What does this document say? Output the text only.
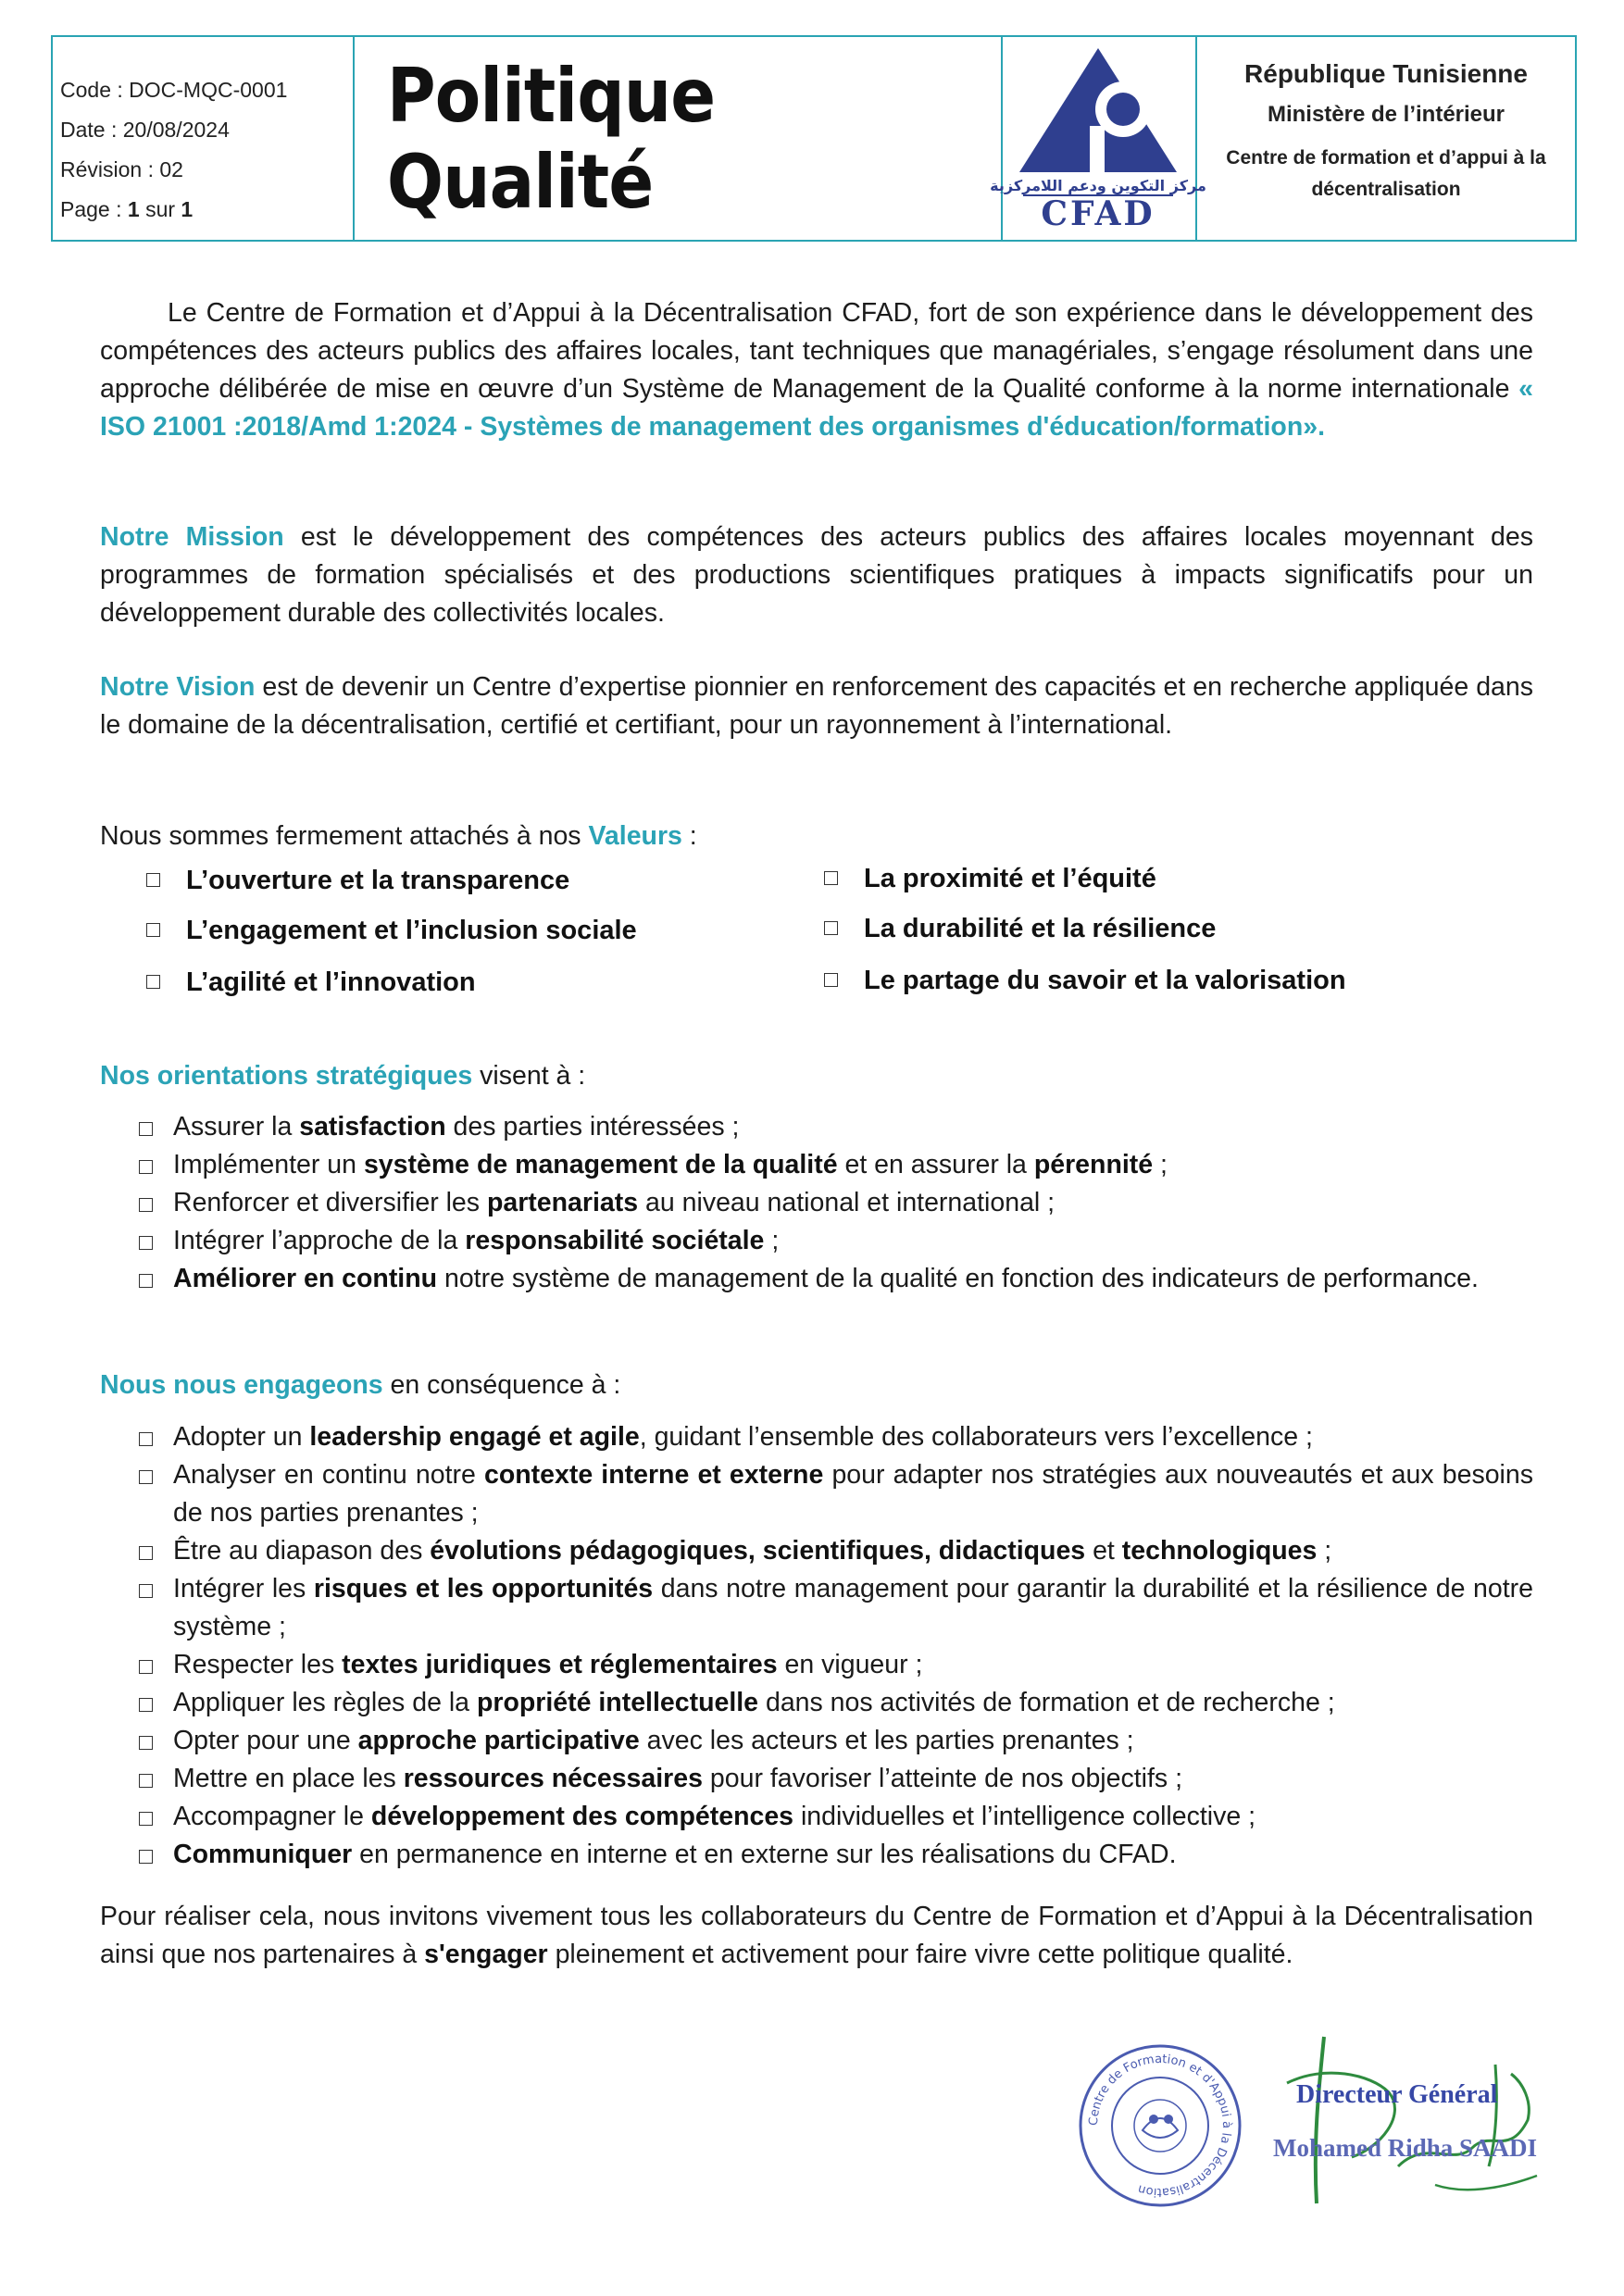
Code : DOC-MQC-0001
Date : 20/08/2024
Révision : 02
Page : 1 sur 1
Politique Qualité	مركز التكوين ودعم اللامركزية
CFAD
République Tunisienne
Ministère de l’intérieur
Centre de formation et d’appui à la décentralisation
Le Centre de Formation et d’Appui à la Décentralisation CFAD, fort de son expérience dans le développement des compétences des acteurs publics des affaires locales, tant techniques que managériales, s’engage résolument dans une approche délibérée de mise en œuvre d’un Système de Management de la Qualité conforme à la norme internationale « ISO 21001 :2018/Amd 1:2024 - Systèmes de management des organismes d'éducation/formation».
Notre Mission est le développement des compétences des acteurs publics des affaires locales moyennant des programmes de formation spécialisés et des productions scientifiques pratiques à impacts significatifs pour un développement durable des collectivités locales.
Notre Vision est de devenir un Centre d’expertise pionnier en renforcement des capacités et en recherche appliquée dans le domaine de la décentralisation, certifié et certifiant, pour un rayonnement à l’international.
Nous sommes fermement attachés à nos Valeurs :
L’ouverture et la transparence	La proximité et l’équité
L’engagement et l’inclusion sociale	La durabilité et la résilience
L’agilité et l’innovation	Le partage du savoir et la valorisation
Nos orientations stratégiques visent à :
Assurer la satisfaction des parties intéressées ;
Implémenter un système de management de la qualité et en assurer la pérennité ;
Renforcer et diversifier les partenariats au niveau national et international ;
Intégrer l’approche de la responsabilité sociétale ;
Améliorer en continu notre système de management de la qualité en fonction des indicateurs de performance.
Nous nous engageons en conséquence à :
Adopter un leadership engagé et agile, guidant l’ensemble des collaborateurs vers l’excellence ;
Analyser en continu notre contexte interne et externe pour adapter nos stratégies aux nouveautés et aux besoins de nos parties prenantes ;
Être au diapason des évolutions pédagogiques, scientifiques, didactiques et technologiques ;
Intégrer les risques et les opportunités dans notre management pour garantir la durabilité et la résilience de notre système ;
Respecter les textes juridiques et réglementaires en vigueur ;
Appliquer les règles de la propriété intellectuelle dans nos activités de formation et de recherche ;
Opter pour une approche participative avec les acteurs et les parties prenantes ;
Mettre en place les ressources nécessaires pour favoriser l’atteinte de nos objectifs ;
Accompagner le développement des compétences individuelles et l’intelligence collective ;
Communiquer en permanence en interne et en externe sur les réalisations du CFAD.
Pour réaliser cela, nous invitons vivement tous les collaborateurs du Centre de Formation et d’Appui à la Décentralisation ainsi que nos partenaires à s'engager pleinement et activement pour faire vivre cette politique qualité.
Centre de Formation et d'Appui à la Décentralisation
Directeur Général
Mohamed Ridha SAADI
